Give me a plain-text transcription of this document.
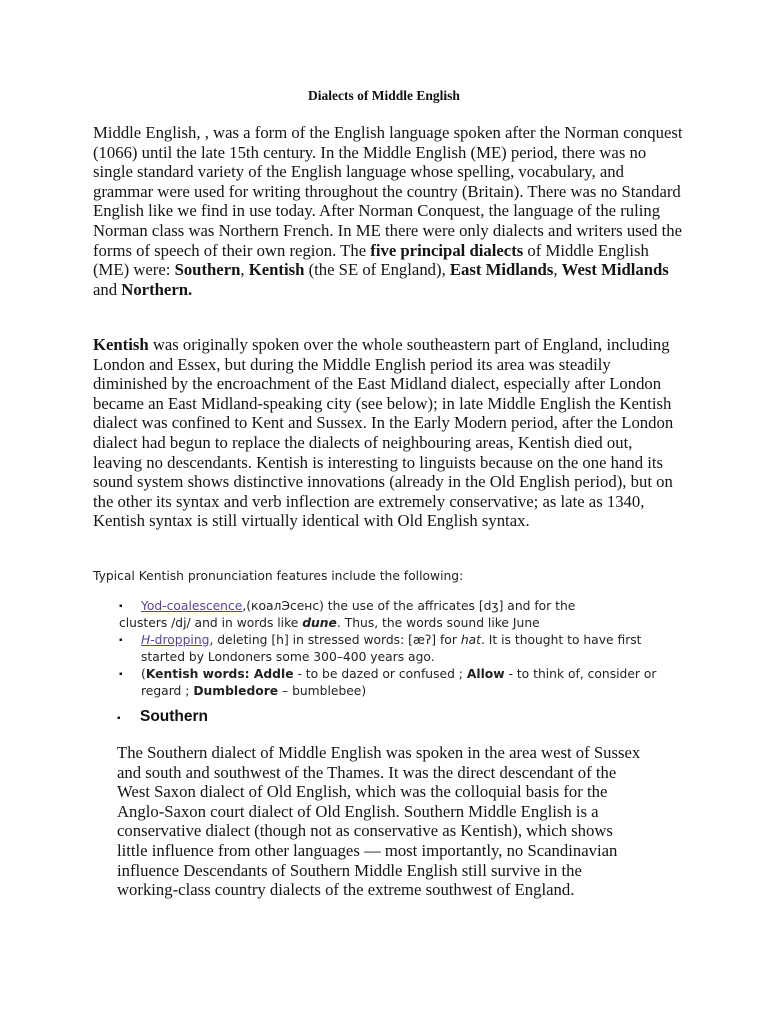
Dialects of Middle English

Middle English, , was a form of the English language spoken after the Norman conquest (1066) until the late 15th century. In the Middle English (ME) period, there was no single standard variety of the English language whose spelling, vocabulary, and grammar were used for writing throughout the country (Britain). There was no Standard English like we find in use today. After Norman Conquest, the language of the ruling Norman class was Northern French. In ME there were only dialects and writers used the forms of speech of their own region. The five principal dialects of Middle English (ME) were: Southern, Kentish (the SE of England), East Midlands, West Midlands and Northern.

Kentish was originally spoken over the whole southeastern part of England, including London and Essex, but during the Middle English period its area was steadily diminished by the encroachment of the East Midland dialect, especially after London became an East Midland-speaking city (see below); in late Middle English the Kentish dialect was confined to Kent and Sussex. In the Early Modern period, after the London dialect had begun to replace the dialects of neighbouring areas, Kentish died out, leaving no descendants. Kentish is interesting to linguists because on the one hand its sound system shows distinctive innovations (already in the Old English period), but on the other its syntax and verb inflection are extremely conservative; as late as 1340, Kentish syntax is still virtually identical with Old English syntax.

Typical Kentish pronunciation features include the following:
▪ Yod-coalescence,(коалЭсенс) the use of the affricates [dʒ] and for the
clusters /dj/ and in words like dune. Thus, the words sound like June
▪ H-dropping, deleting [h] in stressed words: [æʔ] for hat. It is thought to have first
started by Londoners some 300–400 years ago.
▪ (Kentish words: Addle - to be dazed or confused ; Allow - to think of, consider or
regard ; Dumbledore – bumblebee)
▪ Southern

The Southern dialect of Middle English was spoken in the area west of Sussex and south and southwest of the Thames. It was the direct descendant of the West Saxon dialect of Old English, which was the colloquial basis for the Anglo-Saxon court dialect of Old English. Southern Middle English is a conservative dialect (though not as conservative as Kentish), which shows little influence from other languages — most importantly, no Scandinavian influence Descendants of Southern Middle English still survive in the working-class country dialects of the extreme southwest of England.
